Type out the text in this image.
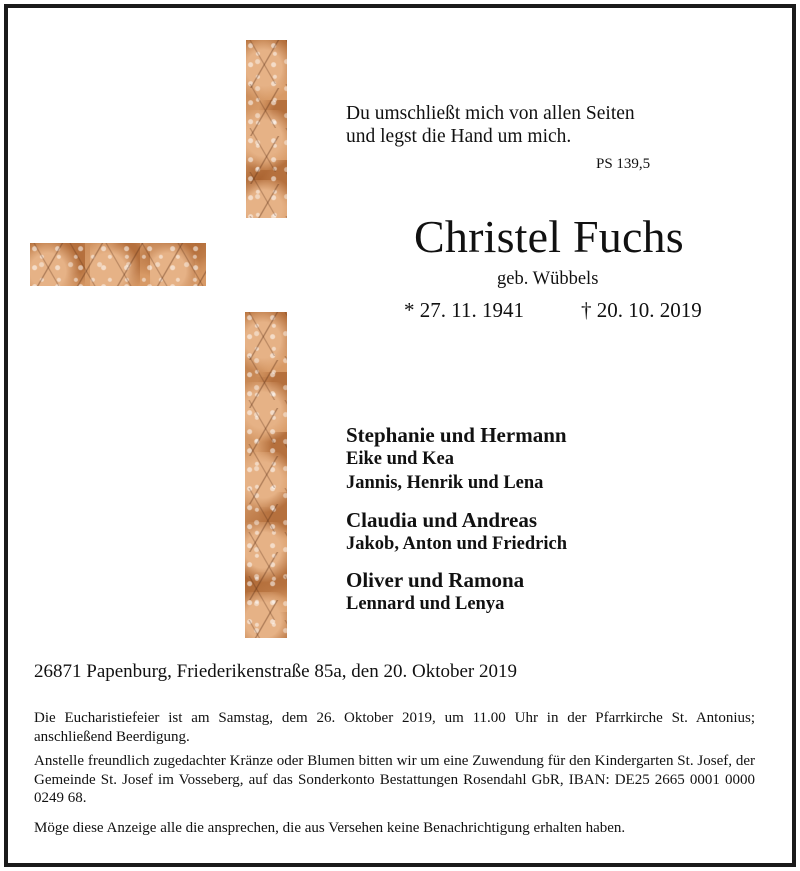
Du umschließt mich von allen Seiten
und legst die Hand um mich.
PS 139,5
Christel Fuchs
geb. Wübbels
* 27. 11. 1941	† 20. 10. 2019
Stephanie und Hermann
Eike und Kea
Jannis, Henrik und Lena
Claudia und Andreas
Jakob, Anton und Friedrich
Oliver und Ramona
Lennard und Lenya
26871 Papenburg, Friederikenstraße 85a, den 20. Oktober 2019
Die Eucharistiefeier ist am Samstag, dem 26. Oktober 2019, um 11.00 Uhr in der Pfarrkirche St. Antonius; anschließend Beerdigung.
Anstelle freundlich zugedachter Kränze oder Blumen bitten wir um eine Zuwendung für den Kindergarten St. Josef, der Gemeinde St. Josef im Vosseberg, auf das Sonderkonto Bestattungen Rosendahl GbR, IBAN: DE25 2665 0001 0000 0249 68.
Möge diese Anzeige alle die ansprechen, die aus Versehen keine Benachrichtigung erhalten haben.
